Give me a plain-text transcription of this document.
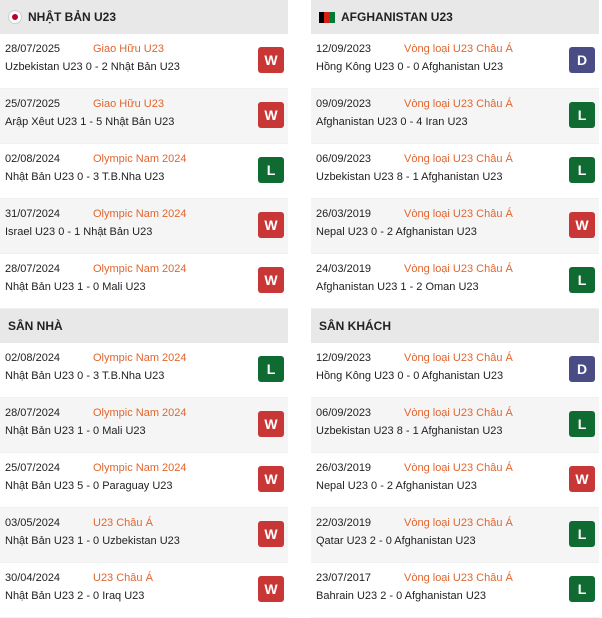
NHẬT BẢN U23
28/07/2025	Giao Hữu U23
Uzbekistan U23 0 - 2 Nhật Bản U23	W
25/07/2025	Giao Hữu U23
Arập Xêut U23 1 - 5 Nhật Bản U23	W
02/08/2024	Olympic Nam 2024
Nhật Bản U23 0 - 3 T.B.Nha U23	L
31/07/2024	Olympic Nam 2024
Israel U23 0 - 1 Nhật Bản U23	W
28/07/2024	Olympic Nam 2024
Nhật Bản U23 1 - 0 Mali U23	W
SÂN NHÀ
02/08/2024	Olympic Nam 2024
Nhật Bản U23 0 - 3 T.B.Nha U23	L
28/07/2024	Olympic Nam 2024
Nhật Bản U23 1 - 0 Mali U23	W
25/07/2024	Olympic Nam 2024
Nhật Bản U23 5 - 0 Paraguay U23	W
03/05/2024	U23 Châu Á
Nhật Bản U23 1 - 0 Uzbekistan U23	W
30/04/2024	U23 Châu Á
Nhật Bản U23 2 - 0 Iraq U23	W
AFGHANISTAN U23
12/09/2023	Vòng loại U23 Châu Á
Hồng Kông U23 0 - 0 Afghanistan U23	D
09/09/2023	Vòng loại U23 Châu Á
Afghanistan U23 0 - 4 Iran U23	L
06/09/2023	Vòng loại U23 Châu Á
Uzbekistan U23 8 - 1 Afghanistan U23	L
26/03/2019	Vòng loại U23 Châu Á
Nepal U23 0 - 2 Afghanistan U23	W
24/03/2019	Vòng loại U23 Châu Á
Afghanistan U23 1 - 2 Oman U23	L
SÂN KHÁCH
12/09/2023	Vòng loại U23 Châu Á
Hồng Kông U23 0 - 0 Afghanistan U23	D
06/09/2023	Vòng loại U23 Châu Á
Uzbekistan U23 8 - 1 Afghanistan U23	L
26/03/2019	Vòng loại U23 Châu Á
Nepal U23 0 - 2 Afghanistan U23	W
22/03/2019	Vòng loại U23 Châu Á
Qatar U23 2 - 0 Afghanistan U23	L
23/07/2017	Vòng loại U23 Châu Á
Bahrain U23 2 - 0 Afghanistan U23	L
